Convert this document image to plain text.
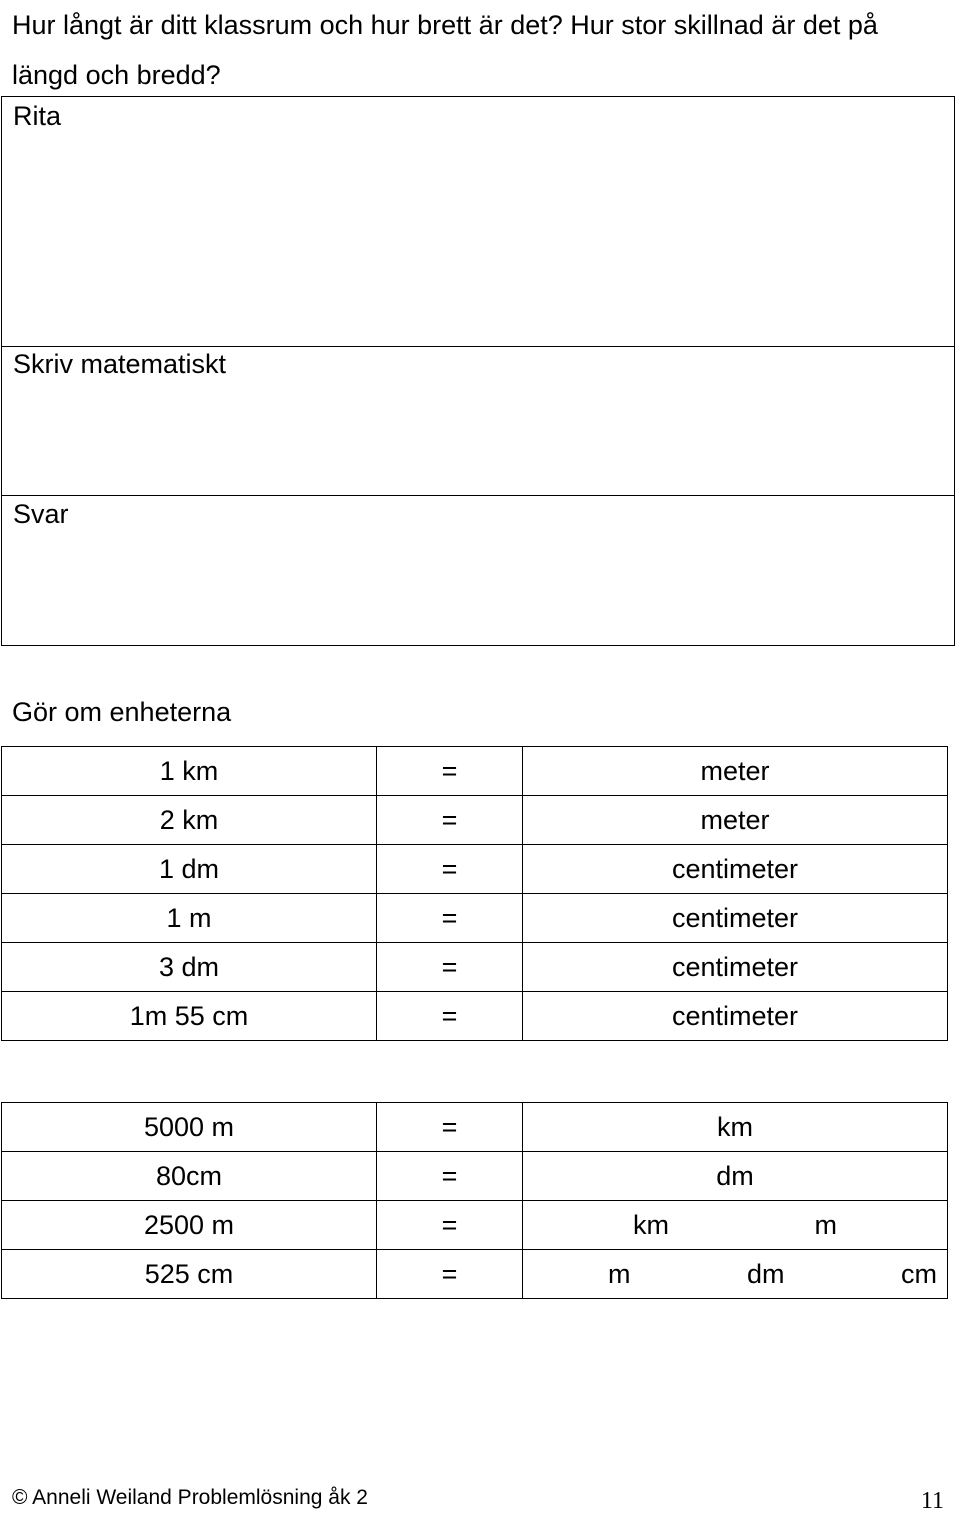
Hur långt är ditt klassrum och hur brett är det? Hur stor skillnad är det på
längd och bredd?
Rita
Skriv matematiskt
Svar
Gör om enheterna
1 km	=	meter
2 km	=	meter
1 dm	=	centimeter
1 m	=	centimeter
3 dm	=	centimeter
1m 55 cm	=	centimeter
5000 m	=	km
80cm	=	dm
2500 m	=	km m

525 cm	=	m dm cm
© Anneli Weiland Problemlösning åk 2	11
